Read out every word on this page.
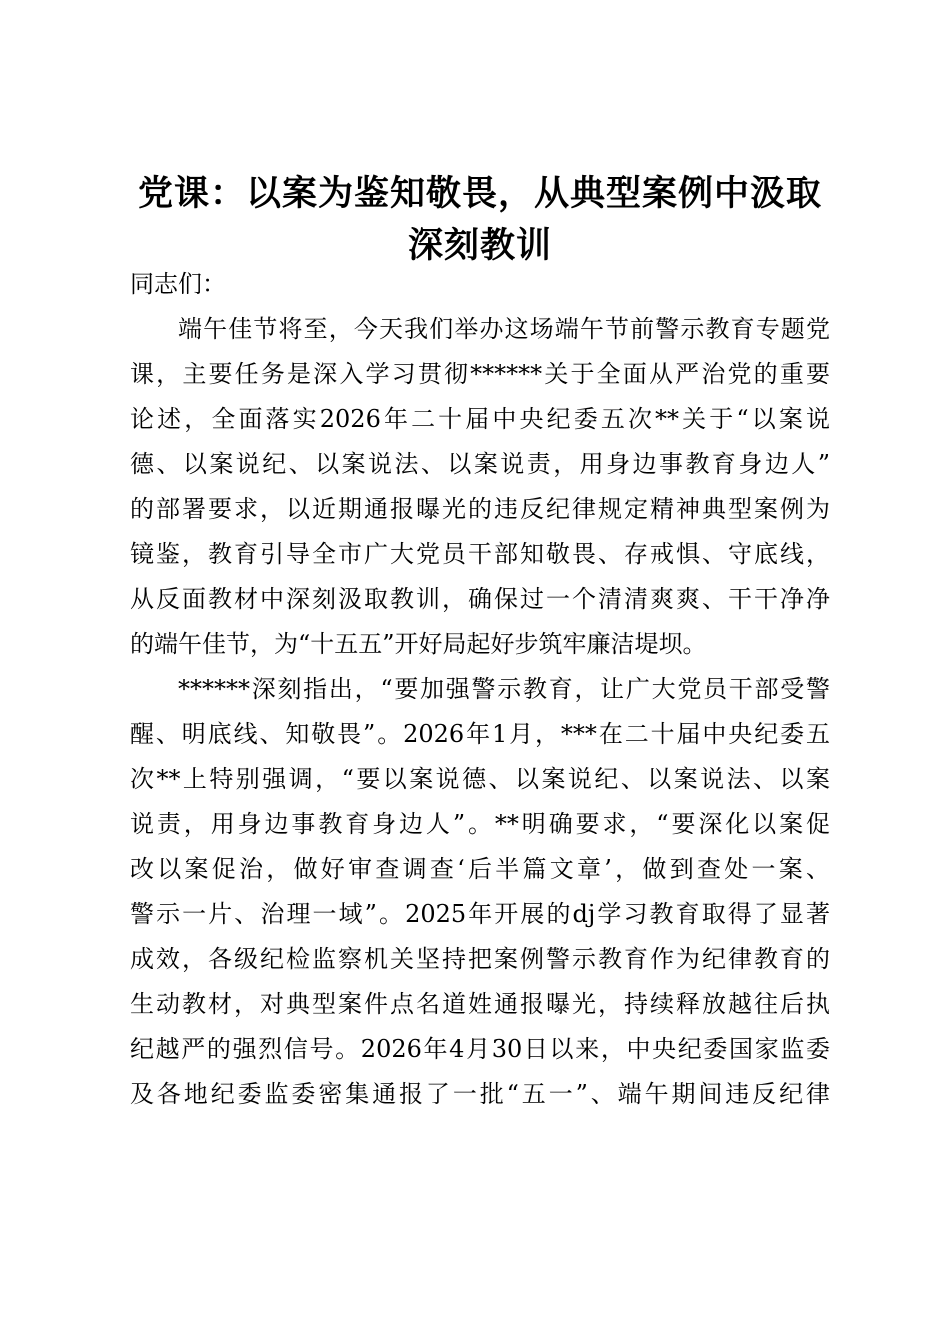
党课：以案为鉴知敬畏，从典型案例中汲取
深刻教训

同志们：

端午佳节将至，今天我们举办这场端午节前警示教育专题党
课，主要任务是深入学习贯彻******关于全面从严治党的重要
论述，全面落实2026年二十届中央纪委五次**关于“以案说
德、以案说纪、以案说法、以案说责，用身边事教育身边人”
的部署要求，以近期通报曝光的违反纪律规定精神典型案例为
镜鉴，教育引导全市广大党员干部知敬畏、存戒惧、守底线，
从反面教材中深刻汲取教训，确保过一个清清爽爽、干干净净
的端午佳节，为“十五五”开好局起好步筑牢廉洁堤坝。
******深刻指出，“要加强警示教育，让广大党员干部受警
醒、明底线、知敬畏”。2026年1月，***在二十届中央纪委五
次**上特别强调，“要以案说德、以案说纪、以案说法、以案
说责，用身边事教育身边人”。**明确要求，“要深化以案促
改以案促治，做好审查调查‘后半篇文章’，做到查处一案、
警示一片、治理一域”。2025年开展的dj学习教育取得了显著
成效，各级纪检监察机关坚持把案例警示教育作为纪律教育的
生动教材，对典型案件点名道姓通报曝光，持续释放越往后执
纪越严的强烈信号。2026年4月30日以来，中央纪委国家监委
及各地纪委监委密集通报了一批“五一”、端午期间违反纪律
